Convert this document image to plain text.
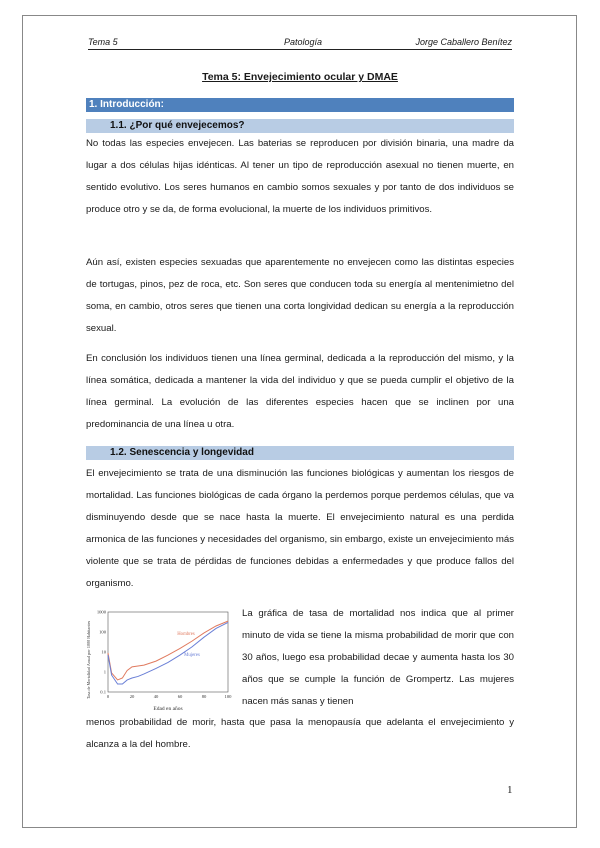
Tema 5	Patología	Jorge Caballero Benítez
Tema 5: Envejecimiento ocular y DMAE
1. Introducción:
1.1. ¿Por qué envejecemos?
No todas las especies envejecen. Las baterias se reproducen por división binaria, una madre da lugar a dos células hijas idénticas. Al tener un tipo de reproducción asexual no tienen muerte, en sentido evolutivo. Los seres humanos en cambio somos sexuales y por tanto de dos individuos se produce otro y se da, de forma evolucional, la muerte de los individuos primitivos.
Aún así, existen especies sexuadas que aparentemente no envejecen como las distintas especies de tortugas, pinos, pez de roca, etc. Son seres que conducen toda su energía al mentenimietno del soma, en cambio, otros seres que tienen una corta longividad dedican su energía a la reproducción sexual.
En conclusión los individuos tienen una línea germinal, dedicada a la reproducción del mismo, y la línea somática, dedicada a mantener la vida del individuo y que se pueda cumplir el objetivo de la línea germinal. La evolución de las diferentes especies hacen que se inclinen por una predominancia de una línea u otra.
1.2. Senescencia y longevidad
El envejecimiento se trata de una disminución las funciones biológicas y aumentan los riesgos de mortalidad. Las funciones biológicas de cada órgano la perdemos porque perdemos células, que va disminuyendo desde que se nace hasta la muerte. El envejecimiento natural es una perdida armonica de las funciones y necesidades del organismo, sin embargo, existe un envejecimiento más violente que se trata de pérdidas de funciones debidas a enfermedades y que produce fallos del organismo.
Tasa de Mortalidad Anual por 1000 Habitantes
1000
100
10
1
0.1
0	20	40	60	80	100
Hombres
Mujeres
Edad en años
La gráfica de tasa de mortalidad nos indica que al primer minuto de vida se tiene la misma probabilidad de morir que con 30 años, luego esa probabilidad decae y aumenta hasta los 30 años que se cumple la función de Grompertz. Las mujeres nacen más sanas y tienen
menos probabilidad de morir, hasta que pasa la menopausía que adelanta el envejecimiento y alcanza a la del hombre.
1
